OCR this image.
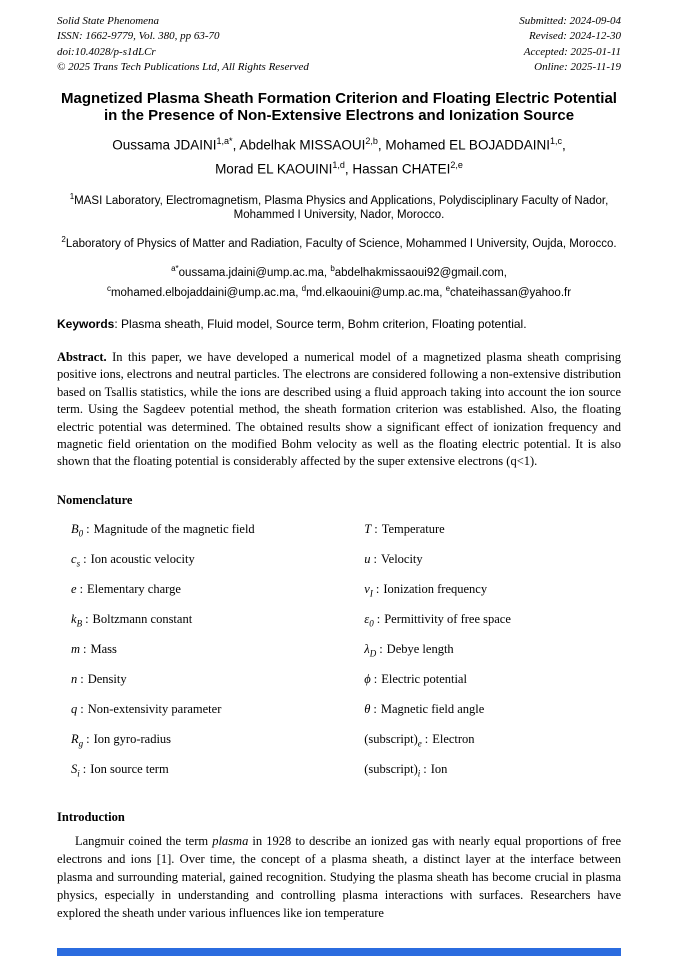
Solid State Phenomena
ISSN: 1662-9779, Vol. 380, pp 63-70
doi:10.4028/p-s1dLCr
© 2025 Trans Tech Publications Ltd, All Rights Reserved
Submitted: 2024-09-04
Revised: 2024-12-30
Accepted: 2025-01-11
Online: 2025-11-19
Magnetized Plasma Sheath Formation Criterion and Floating Electric Potential in the Presence of Non-Extensive Electrons and Ionization Source
Oussama $JDAINI^{1,a*}$, Abdelhak MISSAOUI$^{2,b}$, Mohamed EL BOJADDAINI$^{1,c}$,
Morad EL KAOUINI$^{1,d}$, Hassan CHATEI$^{2,e}$
$^1$MASI Laboratory, Electromagnetism, Plasma Physics and Applications, Polydisciplinary Faculty of Nador, Mohammed I University, Nador, Morocco.
$^2$Laboratory of Physics of Matter and Radiation, Faculty of Science, Mohammed I University, Oujda, Morocco.
$^{a*}$oussama.jdaini@ump.ac.ma, $^b$abdelhakmissaoui92@gmail.com,
$^c$mohamed.elbojaddaini@ump.ac.ma, $^d$md.elkaouini@ump.ac.ma, $^e$chateihassan@yahoo.fr
Keywords: Plasma sheath, Fluid model, Source term, Bohm criterion, Floating potential.
Abstract. In this paper, we have developed a numerical model of a magnetized plasma sheath comprising positive ions, electrons and neutral particles. The electrons are considered following a non-extensive distribution based on Tsallis statistics, while the ions are described using a fluid approach taking into account the ion source term. Using the Sagdeev potential method, the sheath formation criterion was established. Also, the floating electric potential was determined. The obtained results show a significant effect of ionization frequency and magnetic field orientation on the modified Bohm velocity as well as the floating electric potential. It is also shown that the floating potential is considerably affected by the super extensive electrons (q<1).
Nomenclature
$B_0$ : Magnitude of the magnetic field
$c_s$ : Ion acoustic velocity
e : Elementary charge
$k_B$ : Boltzmann constant
m : Mass
n : Density
q : Non-extensivity parameter
$R_g$ : Ion gyro-radius
$S_i$ : Ion source term
T : Temperature
u : Velocity
$\nu_I$ : Ionization frequency
$\varepsilon_0$ : Permittivity of free space
$\lambda_D$ : Debye length
ϕ : Electric potential
θ : Magnetic field angle
$(subscript)_e$ : Electron
$(subscript)_i$ : Ion
Introduction
Langmuir coined the term plasma in 1928 to describe an ionized gas with nearly equal proportions of free electrons and ions [1]. Over time, the concept of a plasma sheath, a distinct layer at the interface between plasma and surrounding material, gained recognition. Studying the plasma sheath has become crucial in plasma physics, especially in understanding and controlling plasma interactions with surfaces. Researchers have explored the sheath under various influences like ion temperature
